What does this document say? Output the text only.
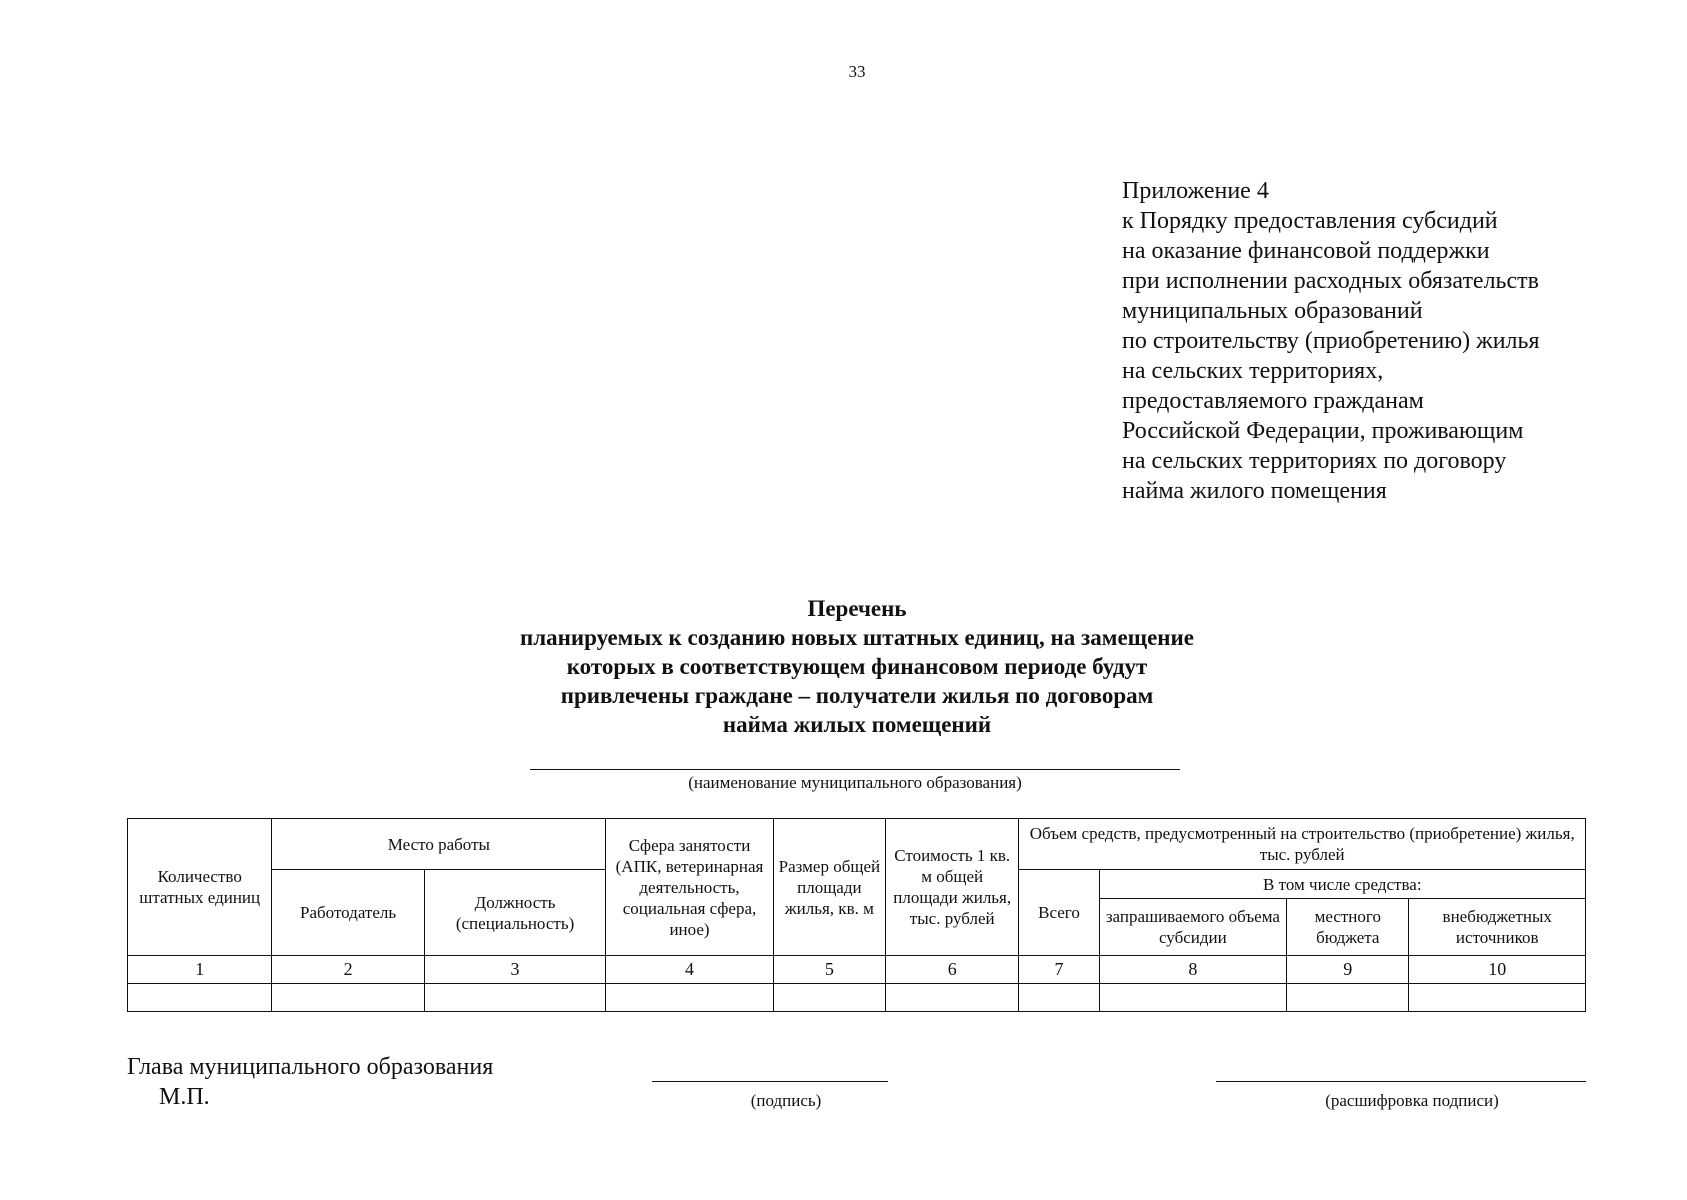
33
Приложение 4
к Порядку предоставления субсидий
на оказание финансовой поддержки
при исполнении расходных обязательств
муниципальных образований
по строительству (приобретению) жилья
на сельских территориях,
предоставляемого гражданам
Российской Федерации, проживающим
на сельских территориях по договору
найма жилого помещения
Перечень
планируемых к созданию новых штатных единиц, на замещение
которых в соответствующем финансовом периоде будут
привлечены граждане – получатели жилья по договорам
найма жилых помещений
(наименование муниципального образования)
Количество штатных единиц	Место работы		Сфера занятости (АПК, ветеринарная деятельность, социальная сфера, иное)	Размер общей площади жилья, кв. м	Стоимость 1 кв. м общей площади жилья, тыс. рублей	Объем средств, предусмотренный на строительство (приобретение) жилья, тыс. рублей			
	Работодатель	Должность (специальность)				Всего	В том числе средства:		
							запрашиваемого объема субсидии	местного бюджета	внебюджетных источников
1	2	3	4	5	6	7	8	9	10

Глава муниципального образования
М.П.	(подпись)	(расшифровка подписи)
